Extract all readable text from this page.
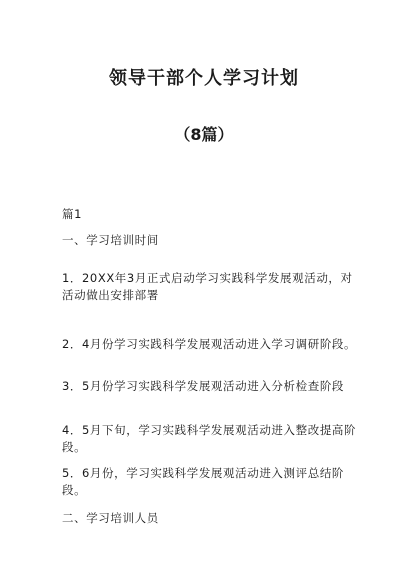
领导干部个人学习计划
（8篇）
篇1
一、学习培训时间
1．20XX年3月正式启动学习实践科学发展观活动，对活动做出安排部署
2．4月份学习实践科学发展观活动进入学习调研阶段。
3．5月份学习实践科学发展观活动进入分析检查阶段
4．5月下旬，学习实践科学发展观活动进入整改提高阶段。
5．6月份，学习实践科学发展观活动进入测评总结阶段。
二、学习培训人员
